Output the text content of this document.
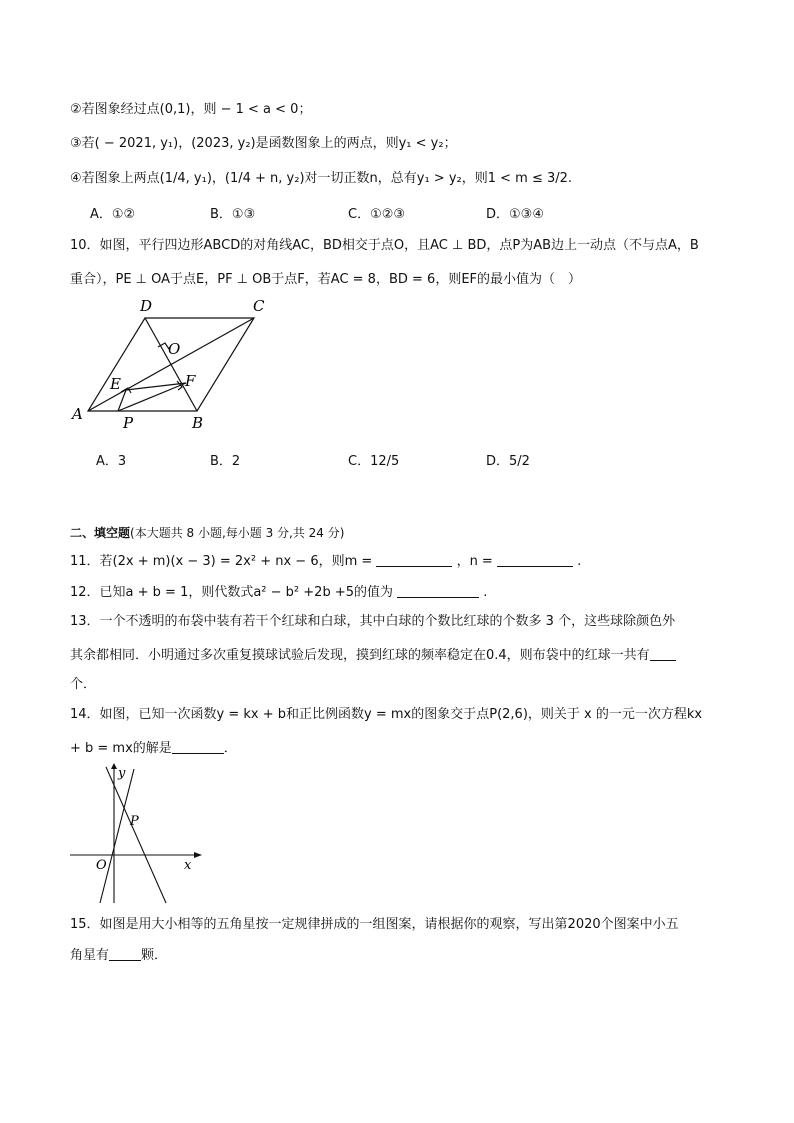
②若图象经过点(0,1)，则 − 1 < a < 0；
③若( − 2021, y₁)，(2023, y₂)是函数图象上的两点，则y₁ < y₂；
④若图象上两点(1/4, y₁)，(1/4 + n, y₂)对一切正数n，总有y₁ > y₂，则1 < m ≤ 3/2.
A．①②	B．①③	C．①②③	D．①③④
10．如图，平行四边形ABCD的对角线AC，BD相交于点O，且AC ⊥ BD，点P为AB边上一动点（不与点A，B
重合），PE ⊥ OA于点E，PF ⊥ OB于点F，若AC = 8，BD = 6，则EF的最小值为（　）
D	C
O
E	F
A	P	B
A．3	B．2	C．12/5	D．5/2
二、填空题(本大题共 8 小题,每小题 3 分,共 24 分)
11．若(2x + m)(x − 3) = 2x² + nx − 6，则m =	，n =	.
12．已知a + b = 1，则代数式a² − b² +2b +5的值为	.
13．一个不透明的布袋中装有若干个红球和白球，其中白球的个数比红球的个数多 3 个，这些球除颜色外
其余都相同．小明通过多次重复摸球试验后发现，摸到红球的频率稳定在0.4，则布袋中的红球一共有
个．
14．如图，已知一次函数y = kx + b和正比例函数y = mx的图象交于点P(2,6)，则关于 x 的一元一次方程kx
+ b = mx的解是	．
y
x
O
P
15．如图是用大小相等的五角星按一定规律拼成的一组图案，请根据你的观察，写出第2020个图案中小五
角星有 颗．
